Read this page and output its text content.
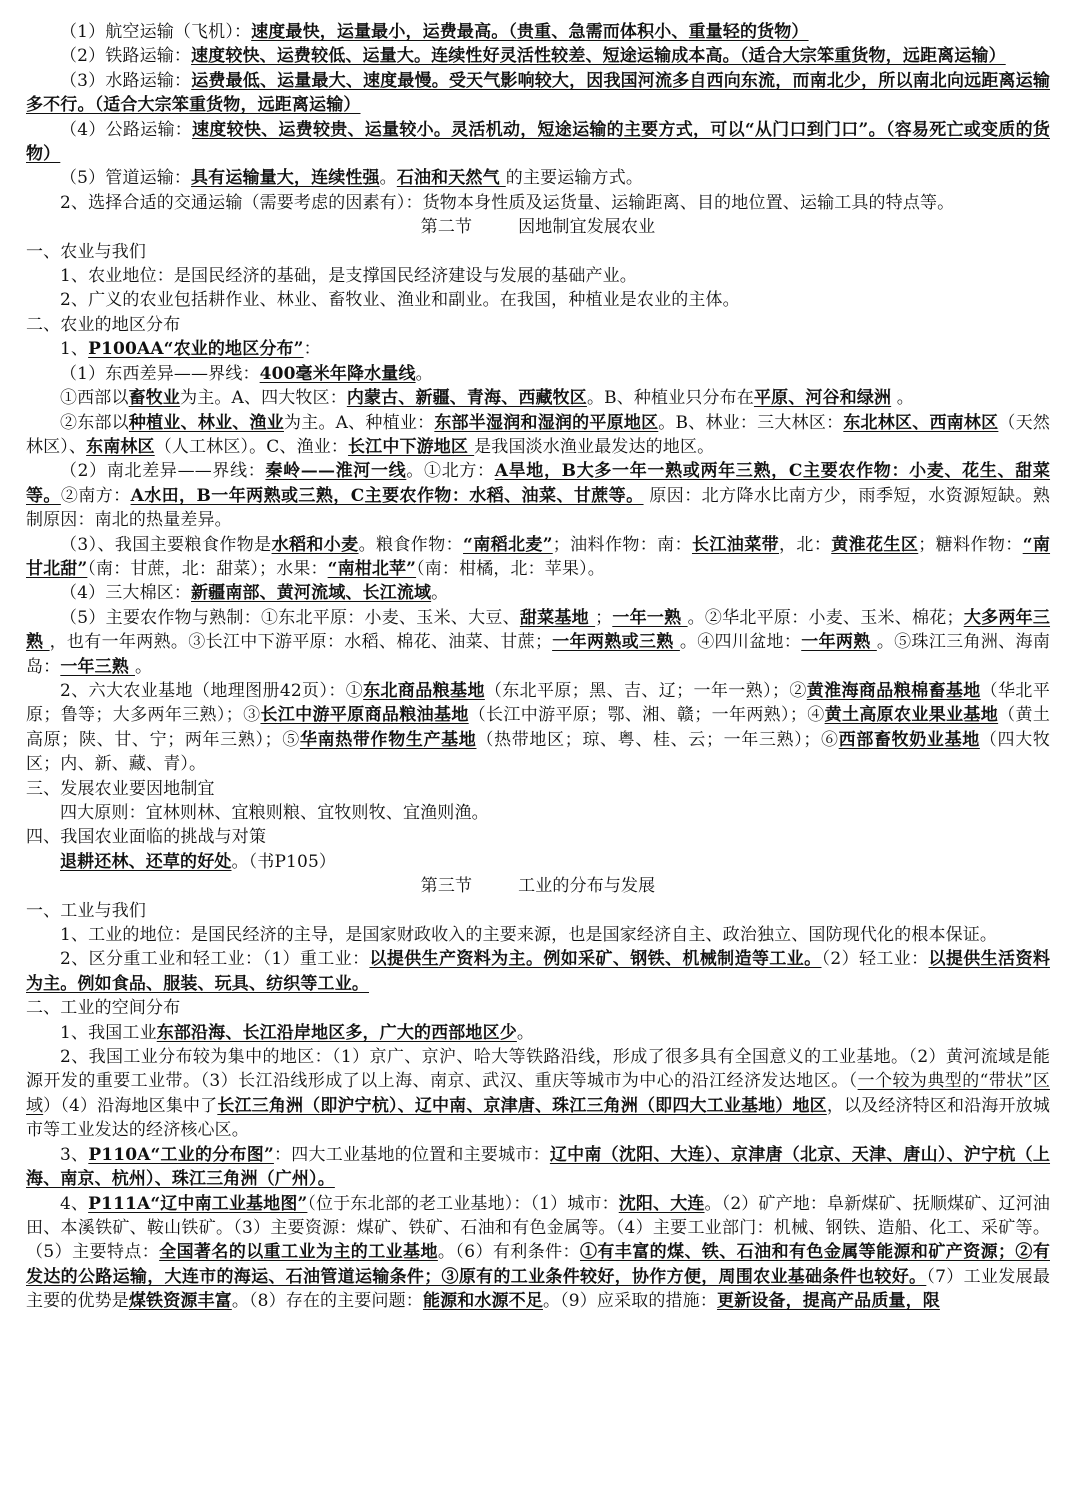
（1）航空运输（飞机）：速度最快，运量最小，运费最高。（贵重、急需而体积小、重量轻的货物）
（2）铁路运输：速度较快、运费较低、运量大。连续性好灵活性较差、短途运输成本高。（适合大宗笨重货物，远距离运输）
（3）水路运输：运费最低、运量最大、速度最慢。受天气影响较大，因我国河流多自西向东流，而南北少，所以南北向远距离运输多不行。（适合大宗笨重货物，远距离运输）
（4）公路运输：速度较快、运费较贵、运量较小。灵活机动，短途运输的主要方式，可以“从门口到门口”。（容易死亡或变质的货物）
（5）管道运输：具有运输量大，连续性强。石油和天然气 的主要运输方式。
2、选择合适的交通运输（需要考虑的因素有）：货物本身性质及运货量、运输距离、目的地位置、运输工具的特点等。
第二节	因地制宜发展农业
一、农业与我们
1、农业地位：是国民经济的基础，是支撑国民经济建设与发展的基础产业。
2、广义的农业包括耕作业、林业、畜牧业、渔业和副业。在我国，种植业是农业的主体。
二、农业的地区分布
1、P100AA“农业的地区分布”：
（1）东西差异——界线：400毫米年降水量线。
①西部以畜牧业为主。A、四大牧区：内蒙古、新疆、青海、西藏牧区。B、种植业只分布在平原、河谷和绿洲 。
②东部以种植业、林业、渔业为主。A、种植业：东部半湿润和湿润的平原地区。B、林业：三大林区：东北林区、西南林区（天然林区）、东南林区（人工林区）。C、渔业：长江中下游地区 是我国淡水渔业最发达的地区。
（2）南北差异——界线：秦岭——淮河一线。①北方：A旱地，B大多一年一熟或两年三熟，C主要农作物：小麦、花生、甜菜等。②南方：A水田，B一年两熟或三熟，C主要农作物：水稻、油菜、甘蔗等。 原因：北方降水比南方少，雨季短，水资源短缺。熟制原因：南北的热量差异。
（3）、我国主要粮食作物是水稻和小麦。粮食作物：“南稻北麦”；油料作物：南：长江油菜带，北：黄淮花生区；糖料作物：“南甘北甜”（南：甘蔗，北：甜菜）；水果：“南柑北苹”（南：柑橘，北：苹果）。
（4）三大棉区：新疆南部、黄河流域、长江流域。
（5）主要农作物与熟制：①东北平原：小麦、玉米、大豆、甜菜基地 ；一年一熟 。②华北平原：小麦、玉米、棉花；大多两年三熟 ，也有一年两熟。③长江中下游平原：水稻、棉花、油菜、甘蔗；一年两熟或三熟 。④四川盆地：一年两熟 。⑤珠江三角洲、海南岛：一年三熟 。
2、六大农业基地（地理图册42页）：①东北商品粮基地（东北平原；黑、吉、辽；一年一熟）；②黄淮海商品粮棉畜基地（华北平原；鲁等；大多两年三熟）；③长江中游平原商品粮油基地（长江中游平原；鄂、湘、赣；一年两熟）；④黄土高原农业果业基地（黄土高原；陕、甘、宁；两年三熟）；⑤华南热带作物生产基地（热带地区；琼、粤、桂、云；一年三熟）；⑥西部畜牧奶业基地（四大牧区；内、新、藏、青）。
三、发展农业要因地制宜
四大原则：宜林则林、宜粮则粮、宜牧则牧、宜渔则渔。
四、我国农业面临的挑战与对策
退耕还林、还草的好处。（书P105）
第三节	工业的分布与发展
一、工业与我们
1、工业的地位：是国民经济的主导，是国家财政收入的主要来源，也是国家经济自主、政治独立、国防现代化的根本保证。
2、区分重工业和轻工业：（1）重工业：以提供生产资料为主。例如采矿、钢铁、机械制造等工业。（2）轻工业：以提供生活资料为主。例如食品、服装、玩具、纺织等工业。
二、工业的空间分布
1、我国工业东部沿海、长江沿岸地区多，广大的西部地区少。
2、我国工业分布较为集中的地区：（1）京广、京沪、哈大等铁路沿线，形成了很多具有全国意义的工业基地。（2）黄河流域是能源开发的重要工业带。（3）长江沿线形成了以上海、南京、武汉、重庆等城市为中心的沿江经济发达地区。（一个较为典型的“带状”区域）（4）沿海地区集中了长江三角洲（即沪宁杭）、辽中南、京津唐、珠江三角洲（即四大工业基地）地区，以及经济特区和沿海开放城市等工业发达的经济核心区。
3、P110A“工业的分布图”：四大工业基地的位置和主要城市：辽中南（沈阳、大连）、京津唐（北京、天津、唐山）、沪宁杭（上海、南京、杭州）、珠江三角洲（广州）。
4、P111A“辽中南工业基地图”（位于东北部的老工业基地）：（1）城市：沈阳、大连。（2）矿产地：阜新煤矿、抚顺煤矿、辽河油田、本溪铁矿、鞍山铁矿。（3）主要资源：煤矿、铁矿、石油和有色金属等。（4）主要工业部门：机械、钢铁、造船、化工、采矿等。（5）主要特点：全国著名的以重工业为主的工业基地。（6）有利条件：①有丰富的煤、铁、石油和有色金属等能源和矿产资源；②有发达的公路运输，大连市的海运、石油管道运输条件；③原有的工业条件较好，协作方便，周围农业基础条件也较好。（7）工业发展最主要的优势是煤铁资源丰富。（8）存在的主要问题：能源和水源不足。（9）应采取的措施：更新设备，提高产品质量，限
